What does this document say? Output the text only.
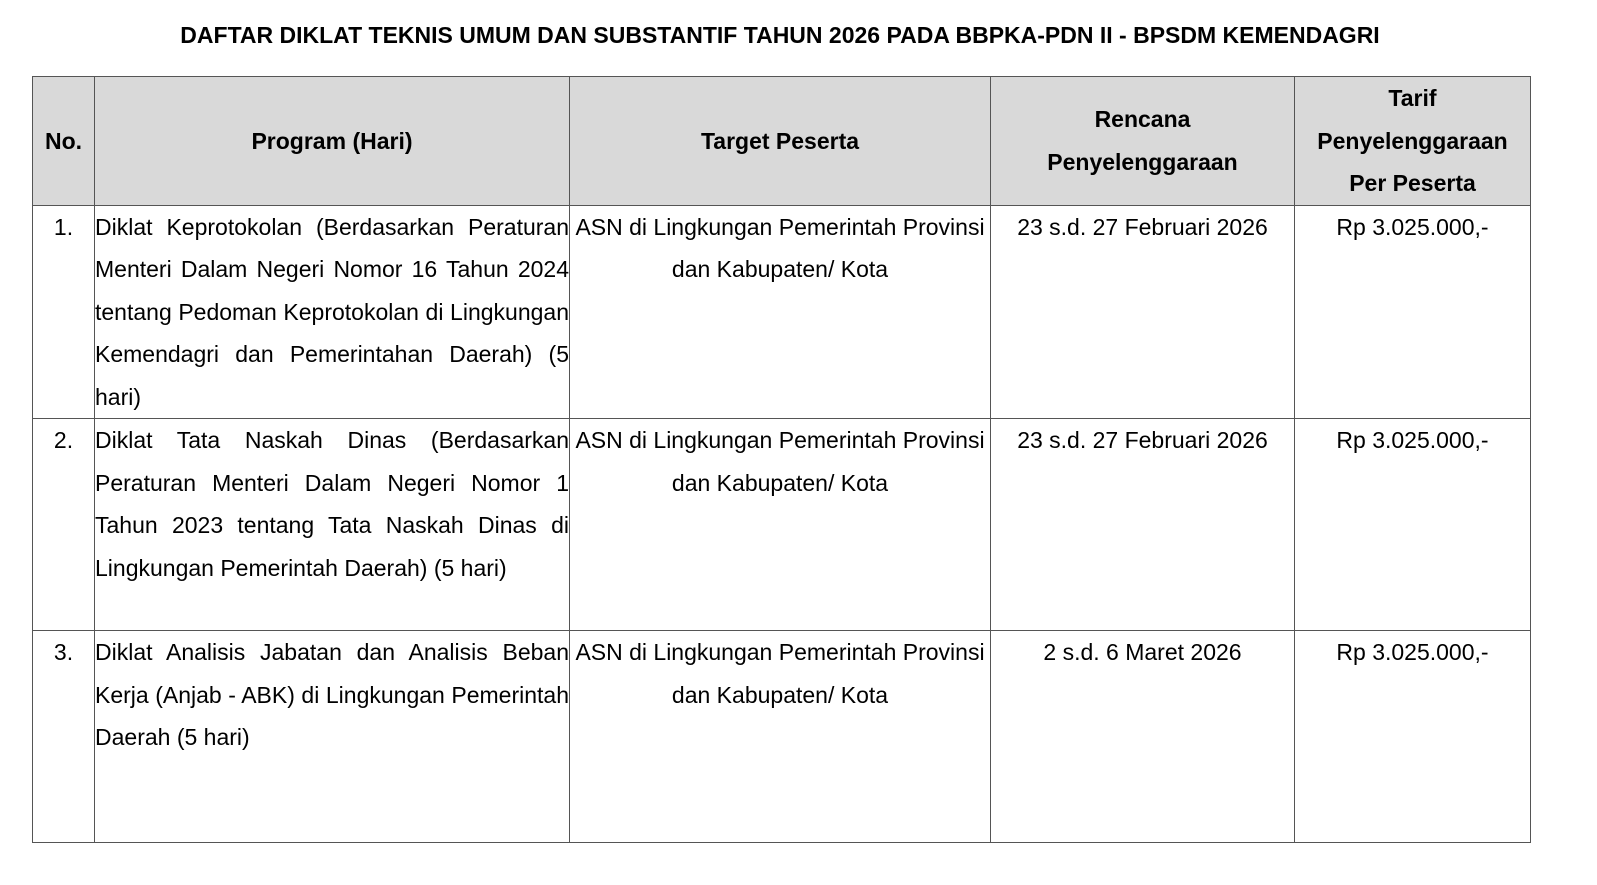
DAFTAR DIKLAT TEKNIS UMUM DAN SUBSTANTIF TAHUN 2026 PADA BBPKA-PDN II - BPSDM KEMENDAGRI
No.	Program (Hari)	Target Peserta	Rencana Penyelenggaraan	Tarif Penyelenggaraan Per Peserta

1.	Diklat Keprotokolan (Berdasarkan Peraturan Menteri Dalam Negeri Nomor 16 Tahun 2024 tentang Pedoman Keprotokolan di Lingkungan Kemendagri dan Pemerintahan Daerah) (5 hari)	ASN di Lingkungan Pemerintah Provinsi dan Kabupaten/ Kota	23 s.d. 27 Februari 2026	Rp 3.025.000,-
2.	Diklat Tata Naskah Dinas (Berdasarkan Peraturan Menteri Dalam Negeri Nomor 1 Tahun 2023 tentang Tata Naskah Dinas di Lingkungan Pemerintah Daerah) (5 hari)	ASN di Lingkungan Pemerintah Provinsi dan Kabupaten/ Kota	23 s.d. 27 Februari 2026	Rp 3.025.000,-
3.	Diklat Analisis Jabatan dan Analisis Beban Kerja (Anjab - ABK) di Lingkungan Pemerintah Daerah (5 hari)	ASN di Lingkungan Pemerintah Provinsi dan Kabupaten/ Kota	2 s.d. 6 Maret 2026	Rp 3.025.000,-
